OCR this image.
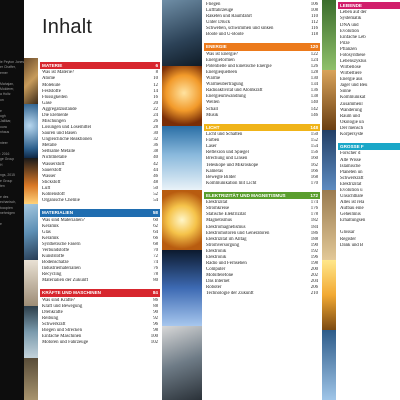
ie Peyton Jones
er Chaffer,
emer
Mahajan,
Molderer,
a Holtz
on
e
ugh
Jallikar,
oura
nhaus
nteer
: 2016
ge Group
H
ngs, 2015
e Group
ten
e des
echanisch,
tocopien
nehmigen
e
Inhalt
MATERIE	6
Was ist Materie?	8
Atome	10
Moleküle	12
Feststoffe	14
Flüssigkeiten	16
Gase	20
Aggregatzustände	22
Die Elemente	24
Mischungen	26
Lösungen und Lösemittel	28
Säuren und Basen	30
Ungleichliche Reaktionen	32
Metalle	36
Seltsame Metalle	38
Nichtmetalle	40
Wasserstoff	42
Sauerstoff	44
Wasser	46
Stickstoff	48
Luft	50
Kohlenstoff	52
Organische Chemie	54
MATERIALIEN	58
Was sind Materialien?	60
Keramik	62
Glas	64
Keramik	66
Synthetische Fasern	68
Verbundstoffe	70
Kunststoffe	72
Bodenschätze	74
Industriematerialien	76
Recycling	78
Materialien der Zukunft	80
KRÄFTE UND MASCHINEN	84
Was sind Kräfte?	86
Kraft und Bewegung	88
Drehkräfte	90
Reibung	92
Schwerkraft	96
Biegen und Strecken	98
Einfache Maschinen	100
Motoren und Fahrzeuge	102
Fliegen	106
Luftfahrzeuge	108
Raketen und Raumfahrt	110
Unter Druck	112
Schweben, schwimmen und sinken	116
Boote und U-Boote	118
ENERGIE	120
Was ist Energie?	122
Energieformen	124
Potentielle und kinetische Energie	126
Energiequelleen	128
Wärme	130
Wärmeübertragung	134
Radioaktivität und Atomkraft	136
Energieumwandlung	138
Wellen	140
Schall	142
Musik	146
LICHT	148
Licht und Schatten	150
Farben	152
Laser	154
Reflexion und Spiegel	156
Brechung und Linsen	160
Teleskope und Mikroskope	162
Kameras	166
Bewegte Bilder	168
Kommunikation mit Licht	170
ELEKTRIZITÄT UND MAGNETISMUS	172
Elektrizität	174
Stromkreise	176
Statische Elektrizität	178
Magnetismus	182
Elektromagnetismus	184
Elektromotoren und Generatoren	186
Elektrizität im Alltag	188
Stromversorgung	190
Elektronik	192
Elektronik	196
Radio und Fernsehen	198
Computer	200
Mobiltelefone	202
Das Internet	204
Roboter	206
Technologie der Zukunft	210
LEBENDE
Leben auf der
Systematik
DNA und
Evolution
Einfache Leb
Pilze
Pflanzen
Fotosynthese
Lebenszyklus
Wirbellose
Wirbeltiere
Energie aus
Jäger und Beu
Sinne
Kommunikat
Zusammenl
Wanderung
Raum und
Ökologie un
Der mensch
Körpersyste
GROSSE F
Forscher d
Alte Wisse
Islamische
Planeten un
Schwerkraft
Elektrizität
Evolution u
Unsichtbare
Alles ist rela
Aufbau eine
Geheimnis
Erhaltungsen
Glossar
Register
Dank und B
